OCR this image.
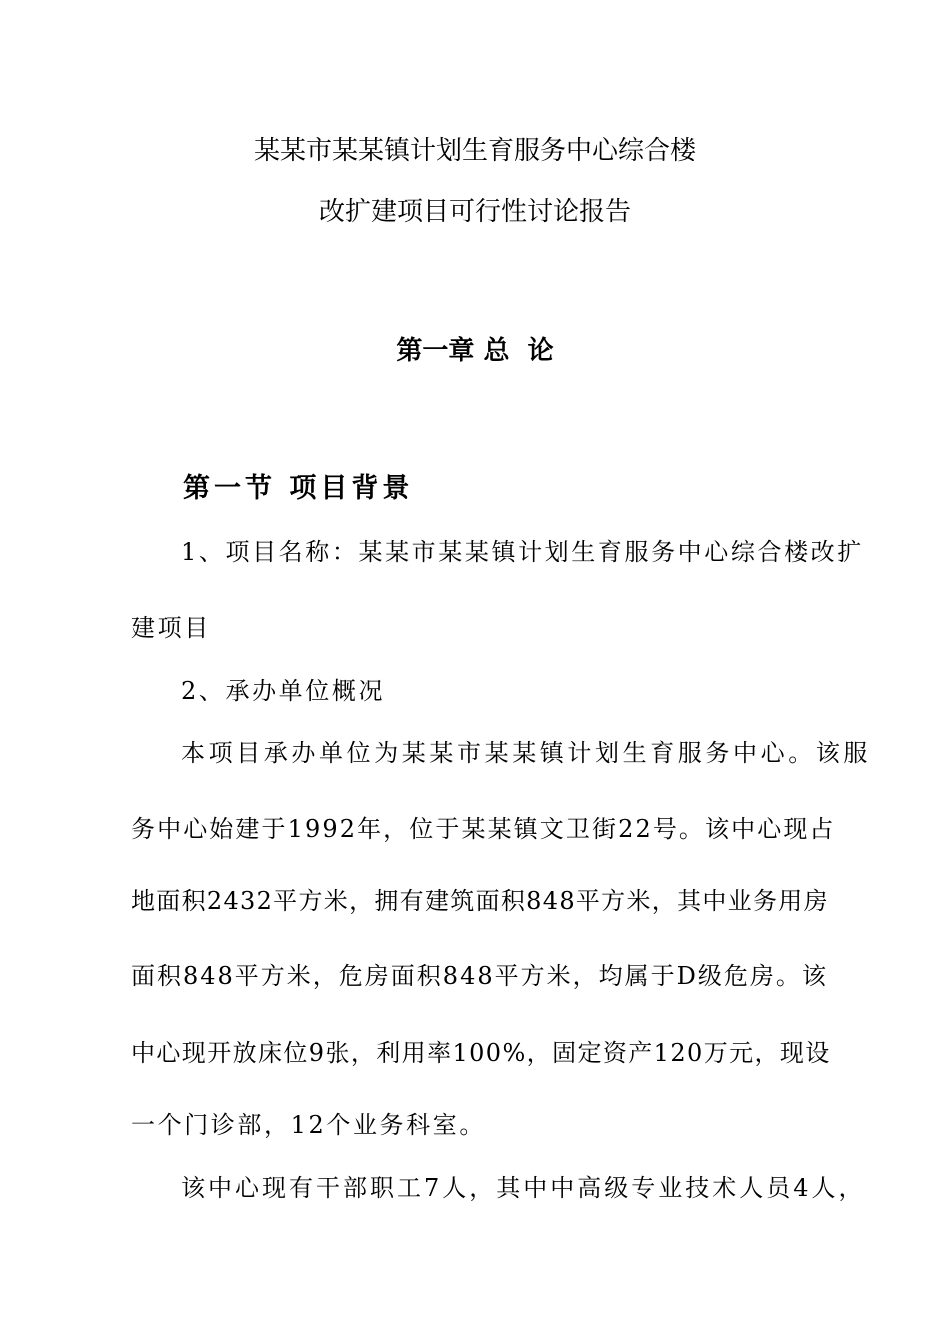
某某市某某镇计划生育服务中心综合楼
改扩建项目可行性讨论报告
第一章 总  论
第一节 项目背景
1、项目名称：某某市某某镇计划生育服务中心综合楼改扩
建项目
2、承办单位概况
本项目承办单位为某某市某某镇计划生育服务中心。该服
务中心始建于1992年，位于某某镇文卫街22号。该中心现占
地面积2432平方米，拥有建筑面积848平方米，其中业务用房
面积848平方米，危房面积848平方米，均属于D级危房。该
中心现开放床位9张，利用率100%，固定资产120万元，现设
一个门诊部，12个业务科室。
该中心现有干部职工7人，其中中高级专业技术人员4人，
